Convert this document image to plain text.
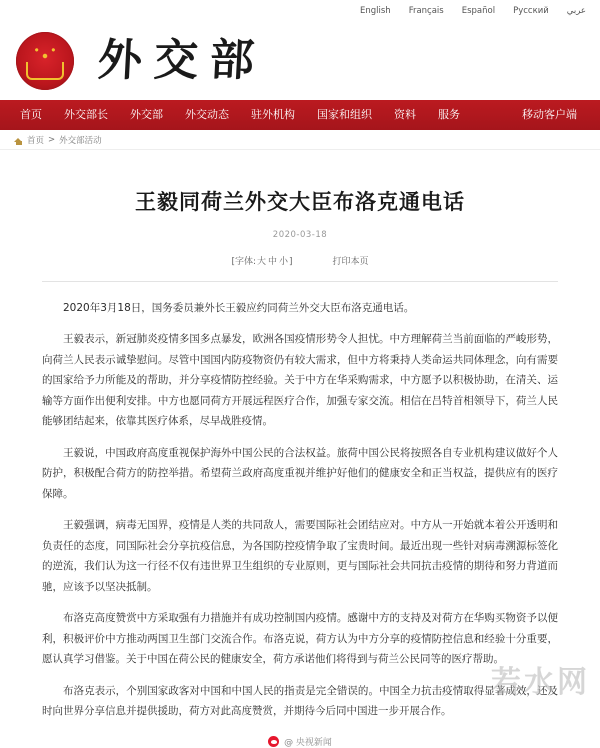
English Français Español Русский عربي
外交部
首页	外交部长	外交部	外交动态	驻外机构	国家和组织	资料	服务	移动客户端
首页 > 外交部活动
王毅同荷兰外交大臣布洛克通电话
2020-03-18
[字体:大 中 小]	打印本页

2020年3月18日，国务委员兼外长王毅应约同荷兰外交大臣布洛克通电话。

王毅表示，新冠肺炎疫情多国多点暴发，欧洲各国疫情形势令人担忧。中方理解荷兰当前面临的严峻形势，向荷兰人民表示诚挚慰问。尽管中国国内防疫物资仍有较大需求，但中方将秉持人类命运共同体理念，向有需要的国家给予力所能及的帮助，并分享疫情防控经验。关于中方在华采购需求，中方愿予以积极协助，在清关、运输等方面作出便利安排。中方也愿同荷方开展远程医疗合作，加强专家交流。相信在吕特首相领导下，荷兰人民能够团结起来，依靠其医疗体系，尽早战胜疫情。

王毅说，中国政府高度重视保护海外中国公民的合法权益。旅荷中国公民将按照各自专业机构建议做好个人防护，积极配合荷方的防控举措。希望荷兰政府高度重视并维护好他们的健康安全和正当权益，提供应有的医疗保障。

王毅强调，病毒无国界，疫情是人类的共同敌人，需要国际社会团结应对。中方从一开始就本着公开透明和负责任的态度，同国际社会分享抗疫信息，为各国防控疫情争取了宝贵时间。最近出现一些针对病毒溯源标签化的逆流，我们认为这一行径不仅有违世界卫生组织的专业原则，更与国际社会共同抗击疫情的期待和努力背道而驰，应该予以坚决抵制。

布洛克高度赞赏中方采取强有力措施并有成功控制国内疫情。感谢中方的支持及对荷方在华购买物资予以便利，积极评价中方推动两国卫生部门交流合作。布洛克说，荷方认为中方分享的疫情防控信息和经验十分重要，愿认真学习借鉴。关于中国在荷公民的健康安全，荷方承诺他们将得到与荷兰公民同等的医疗帮助。

布洛克表示，个别国家政客对中国和中国人民的指责是完全错误的。中国全力抗击疫情取得显著成效，还及时向世界分享信息并提供援助，荷方对此高度赞赏，并期待今后同中国进一步开展合作。

@ 央视新闻
若水网
